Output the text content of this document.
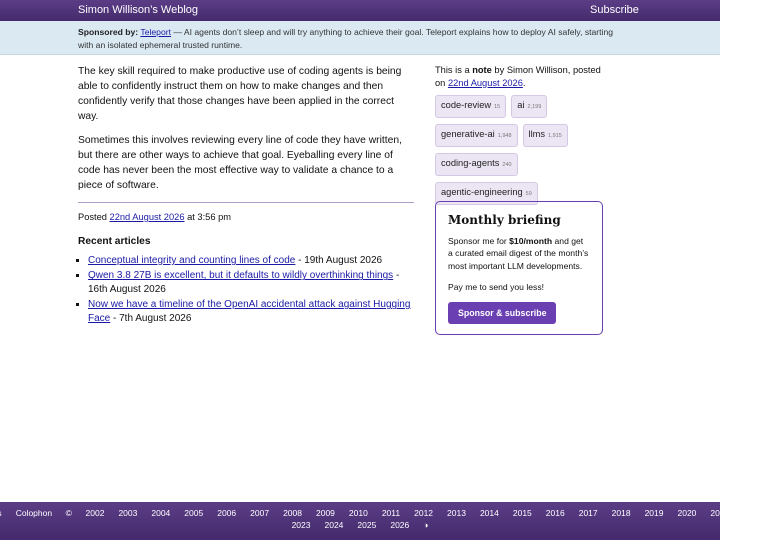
Simon Willison’s Weblog	Subscribe
Sponsored by: Teleport — AI agents don’t sleep and will try anything to achieve their goal. Teleport explains how to deploy AI safely, starting with an isolated ephemeral trusted runtime.

The key skill required to make productive use of coding agents is being able to confidently instruct them on how to make changes and then confidently verify that those changes have been applied in the correct way.

Sometimes this involves reviewing every line of code they have written, but there are other ways to achieve that goal. Eyeballing every line of code has never been the most effective way to validate a chance to a piece of software.

Posted 22nd August 2026 at 3:56 pm
Recent articles
▪ Conceptual integrity and counting lines of code - 19th August 2026
▪ Qwen 3.8 27B is excellent, but it defaults to wildly overthinking things - 16th August 2026
▪ Now we have a timeline of the OpenAI accidental attack against Hugging Face - 7th August 2026
This is a note by Simon Willison, posted on 22nd August 2026.
code-review 15	ai 2,199
generative-ai 1,948	llms 1,915
coding-agents 240
agentic-engineering 59
Monthly briefing

Sponsor me for $10/month and get a curated email digest of the month’s most important LLM developments.

Pay me to send you less!

Sponsor & subscribe
Colophon © 2002 2003 2004 2005 2006 2007 2008 2009 2010 2011 2012 2013 2014 2015 2016 2017 2018 2019 2020 2021 2022
2023 2024 2025 2026 ◑
